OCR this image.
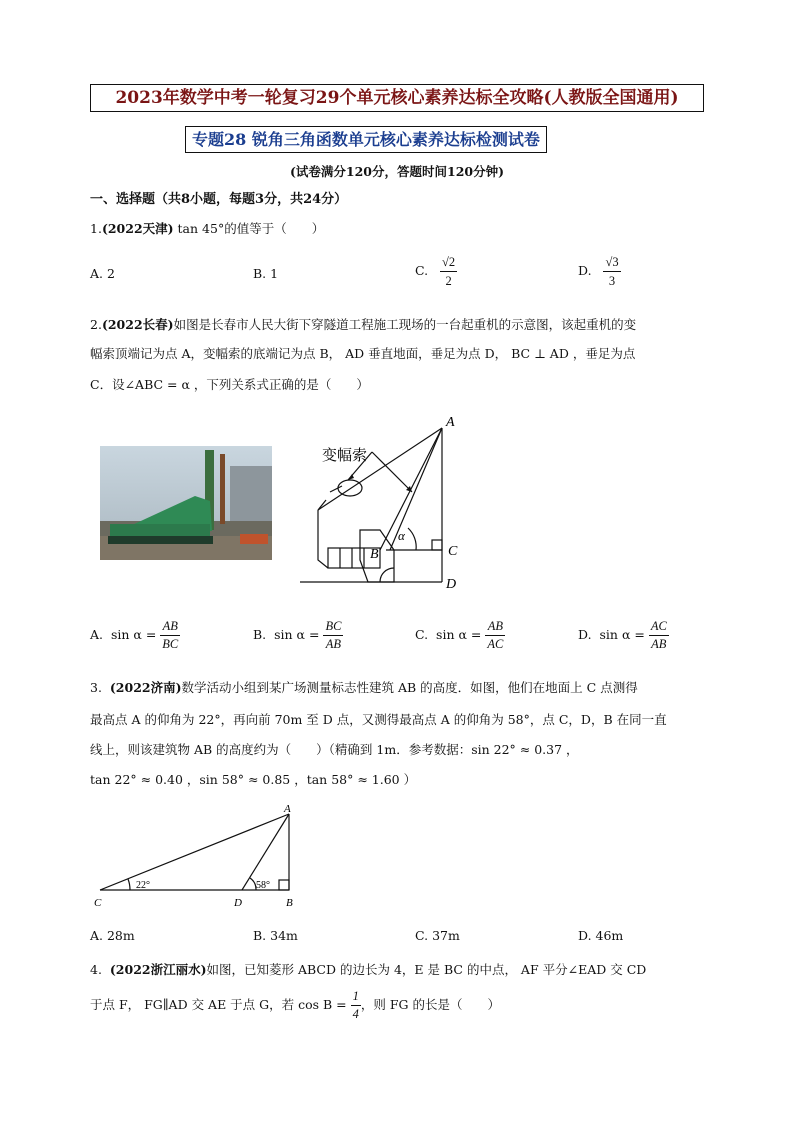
2023年数学中考一轮复习29个单元核心素养达标全攻略(人教版全国通用)
专题28 锐角三角函数单元核心素养达标检测试卷
(试卷满分120分，答题时间120分钟)
一、选择题（共8小题，每题3分，共24分）
1.(2022天津) tan 45°的值等于（　　）
A. 2	B. 1	C. $\frac{√2}{2}$	D. $\frac{√3}{3}$
2.(2022长春)如图是长春市人民大街下穿隧道工程施工现场的一台起重机的示意图，该起重机的变
幅索顶端记为点 A，变幅索的底端记为点 B， AD 垂直地面，垂足为点 D， BC ⊥ AD ，垂足为点
C．设∠ABC = α ，下列关系式正确的是（　　）
变幅索
A
B	C
D
α
A. $\sin \alpha = \frac{AB}{BC}$	B. $\sin \alpha = \frac{BC}{AB}$	C. $\sin \alpha = \frac{AB}{AC}$	D. $\sin \alpha = \frac{AC}{AB}$
3. (2022济南)数学活动小组到某广场测量标志性建筑 AB 的高度．如图，他们在地面上 C 点测得
最高点 A 的仰角为 22°，再向前 70m 至 D 点，又测得最高点 A 的仰角为 58°，点 C，D，B 在同一直
线上，则该建筑物 AB 的高度约为（　　）（精确到 1m．参考数据：sin 22° ≈ 0.37 ，
tan 22° ≈ 0.40 ，sin 58° ≈ 0.85 ，tan 58° ≈ 1.60 ）
A
B
C	D
22°	58°
A. 28m	B. 34m	C. 37m	D. 46m
4. (2022浙江丽水)如图，已知菱形 ABCD 的边长为 4，E 是 BC 的中点， AF 平分∠EAD 交 CD
于点 F， FG∥AD 交 AE 于点 G，若 $\cos B = \frac{1}{4}$ ，则 FG 的长是（　　）
